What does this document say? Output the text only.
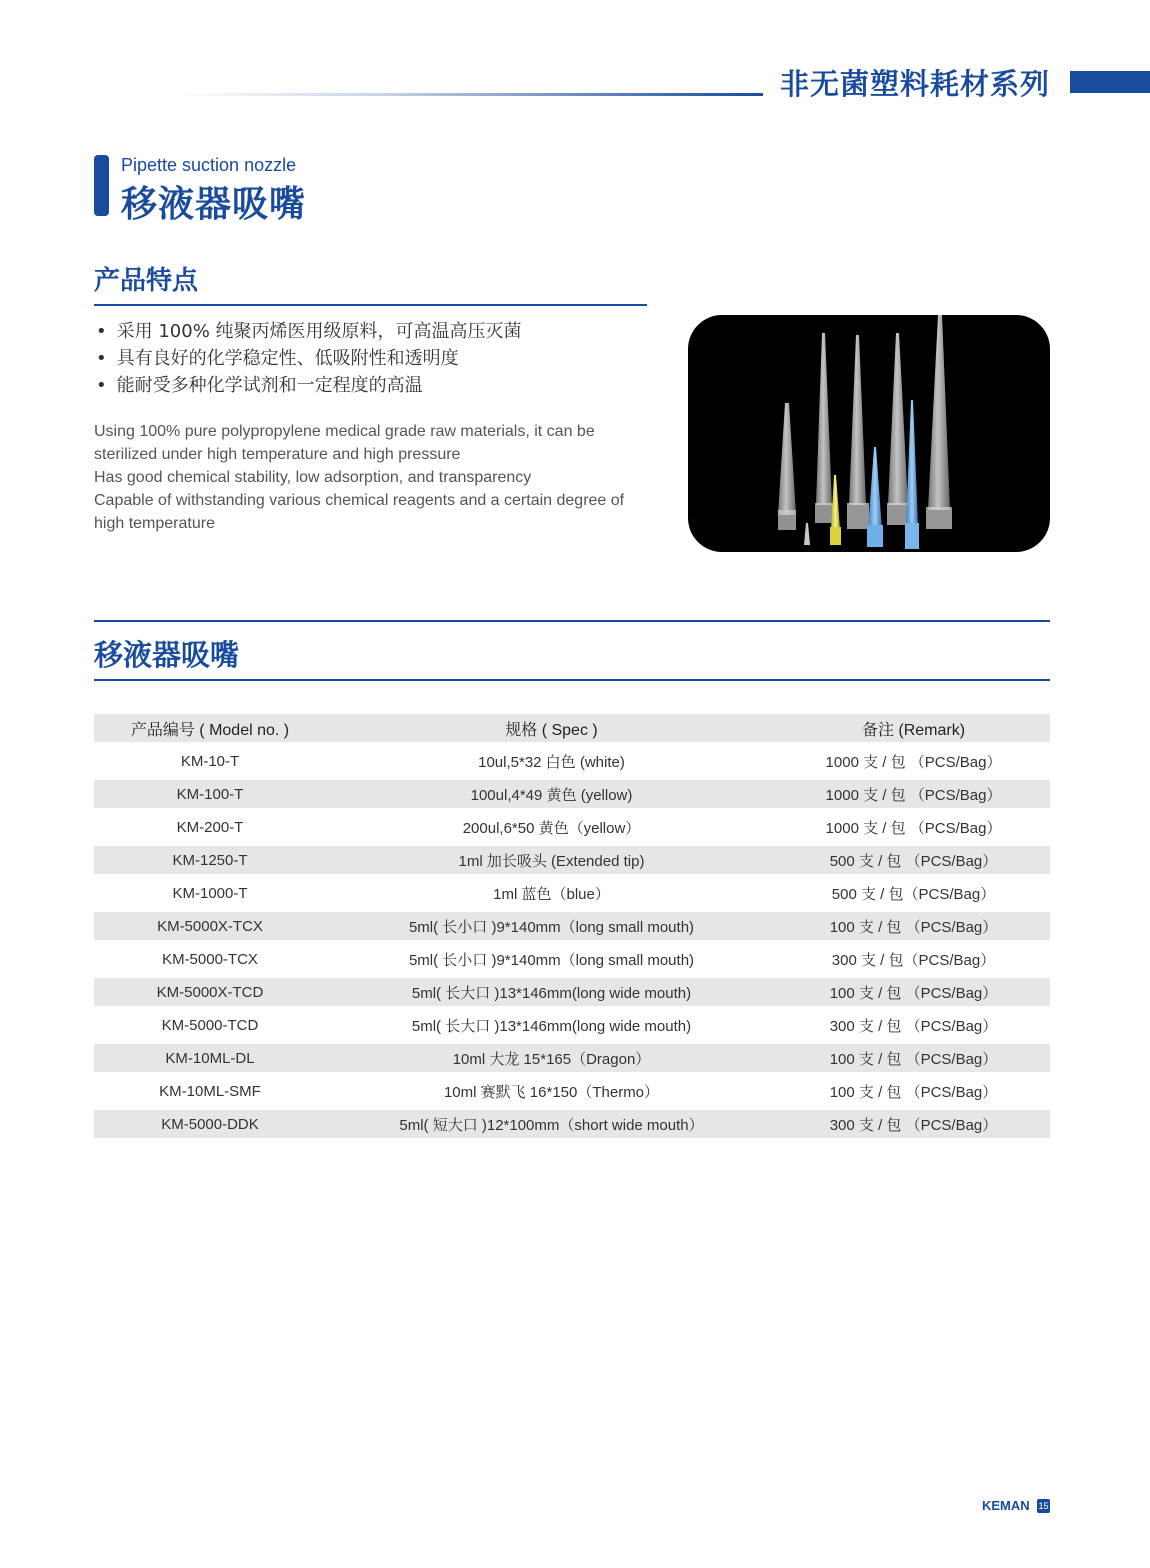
非无菌塑料耗材系列
Pipette suction nozzle
移液器吸嘴
产品特点
• 采用 100% 纯聚丙烯医用级原料，可高温高压灭菌
• 具有良好的化学稳定性、低吸附性和透明度
• 能耐受多种化学试剂和一定程度的高温
Using 100% pure polypropylene medical grade raw materials, it can be
sterilized under high temperature and high pressure
Has good chemical stability, low adsorption, and transparency
Capable of withstanding various chemical reagents and a certain degree of
high temperature
移液器吸嘴
产品编号 ( Model no. )	规格 ( Spec )	备注 (Remark)
KM-10-T	10ul,5*32 白色 (white)	1000 支 / 包 （PCS/Bag）
KM-100-T	100ul,4*49 黄色 (yellow)	1000 支 / 包 （PCS/Bag）
KM-200-T	200ul,6*50 黄色（yellow）	1000 支 / 包 （PCS/Bag）
KM-1250-T	1ml 加长吸头 (Extended tip)	500 支 / 包 （PCS/Bag）
KM-1000-T	1ml 蓝色（blue）	500 支 / 包（PCS/Bag）
KM-5000X-TCX	5ml( 长小口 )9*140mm（long small mouth)	100 支 / 包 （PCS/Bag）
KM-5000-TCX	5ml( 长小口 )9*140mm（long small mouth)	300 支 / 包（PCS/Bag）
KM-5000X-TCD	5ml( 长大口 )13*146mm(long wide mouth)	100 支 / 包 （PCS/Bag）
KM-5000-TCD	5ml( 长大口 )13*146mm(long wide mouth)	300 支 / 包 （PCS/Bag）
KM-10ML-DL	10ml 大龙 15*165（Dragon）	100 支 / 包 （PCS/Bag）
KM-10ML-SMF	10ml 赛默飞 16*150（Thermo）	100 支 / 包 （PCS/Bag）
KM-5000-DDK	5ml( 短大口 )12*100mm（short wide mouth）	300 支 / 包 （PCS/Bag）
KEMAN 15
